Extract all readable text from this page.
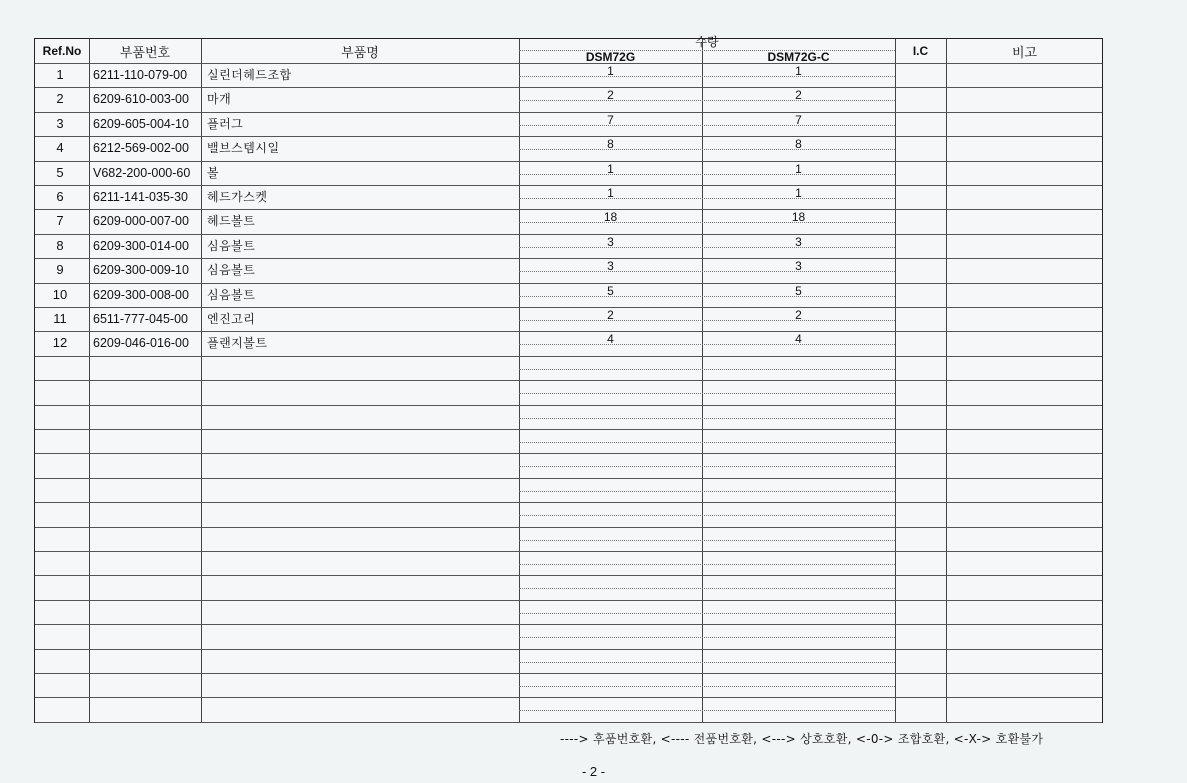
Ref.No	부품번호	부품명
수량
DSM72G	DSM72G-C	I.C	비고
1	6211-110-079-00 실린더헤드조합	1	1
2	6209-610-003-00 마개	2	2
3	6209-605-004-10 플러그	7	7
4	6212-569-002-00 밸브스템시일	8	8
5	V682-200-000-60 볼	1	1
6	6211-141-035-30 헤드가스켓	1	1
7	6209-000-007-00 헤드볼트	18	18
8	6209-300-014-00 심음볼트	3	3
9	6209-300-009-10 심음볼트	3	3
10	6209-300-008-00 심음볼트	5	5
11	6511-777-045-00 엔진고리	2	2
12	6209-046-016-00 플랜지볼트	4	4
----> 후품번호환, <---- 전품번호환, <---> 상호호환, <-0-> 조합호환, <-X-> 호환불가
- 2 -
